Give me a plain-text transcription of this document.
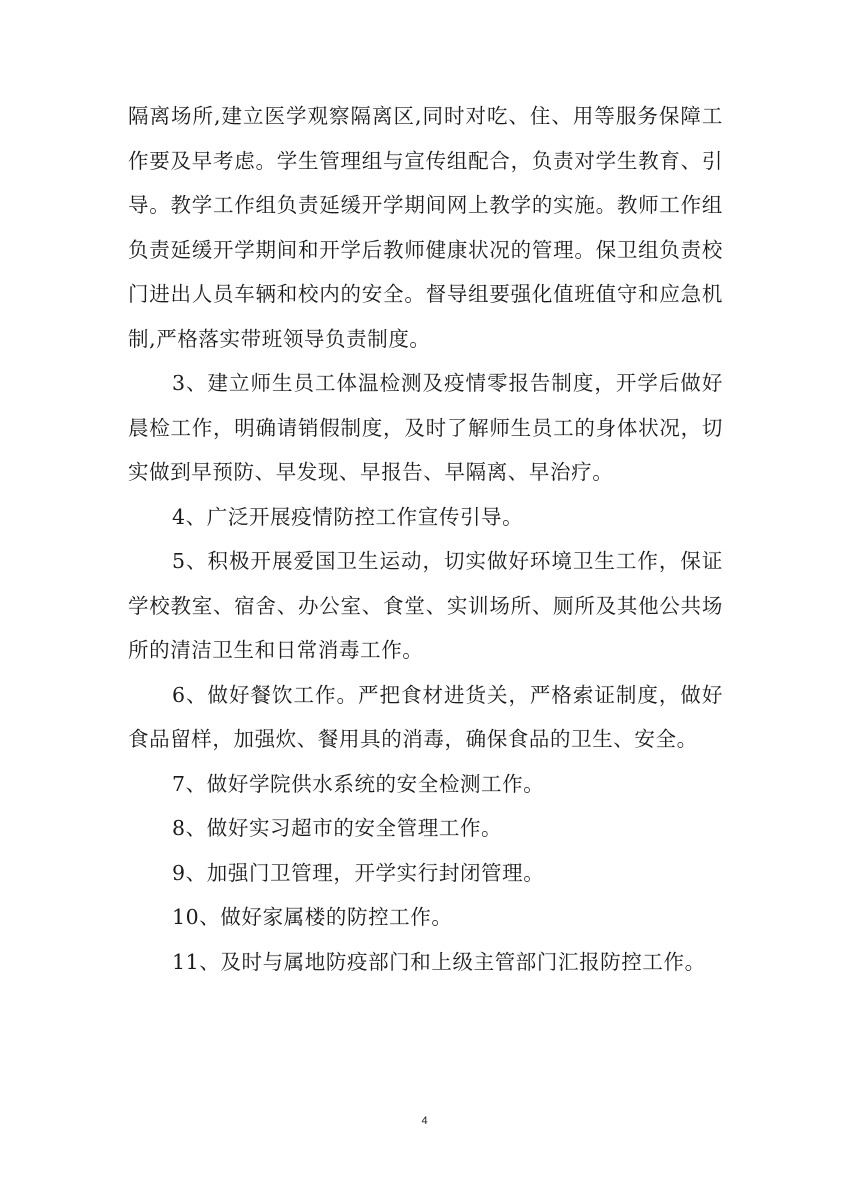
隔离场所,建立医学观察隔离区,同时对吃、住、用等服务保障工作要及早考虑。学生管理组与宣传组配合，负责对学生教育、引导。教学工作组负责延缓开学期间网上教学的实施。教师工作组负责延缓开学期间和开学后教师健康状况的管理。保卫组负责校门进出人员车辆和校内的安全。督导组要强化值班值守和应急机制,严格落实带班领导负责制度。

3、建立师生员工体温检测及疫情零报告制度，开学后做好晨检工作，明确请销假制度，及时了解师生员工的身体状况，切实做到早预防、早发现、早报告、早隔离、早治疗。

4、广泛开展疫情防控工作宣传引导。

5、积极开展爱国卫生运动，切实做好环境卫生工作，保证学校教室、宿舍、办公室、食堂、实训场所、厕所及其他公共场所的清洁卫生和日常消毒工作。

6、做好餐饮工作。严把食材进货关，严格索证制度，做好食品留样，加强炊、餐用具的消毒，确保食品的卫生、安全。

7、做好学院供水系统的安全检测工作。

8、做好实习超市的安全管理工作。

9、加强门卫管理，开学实行封闭管理。

10、做好家属楼的防控工作。

11、及时与属地防疫部门和上级主管部门汇报防控工作。

4
